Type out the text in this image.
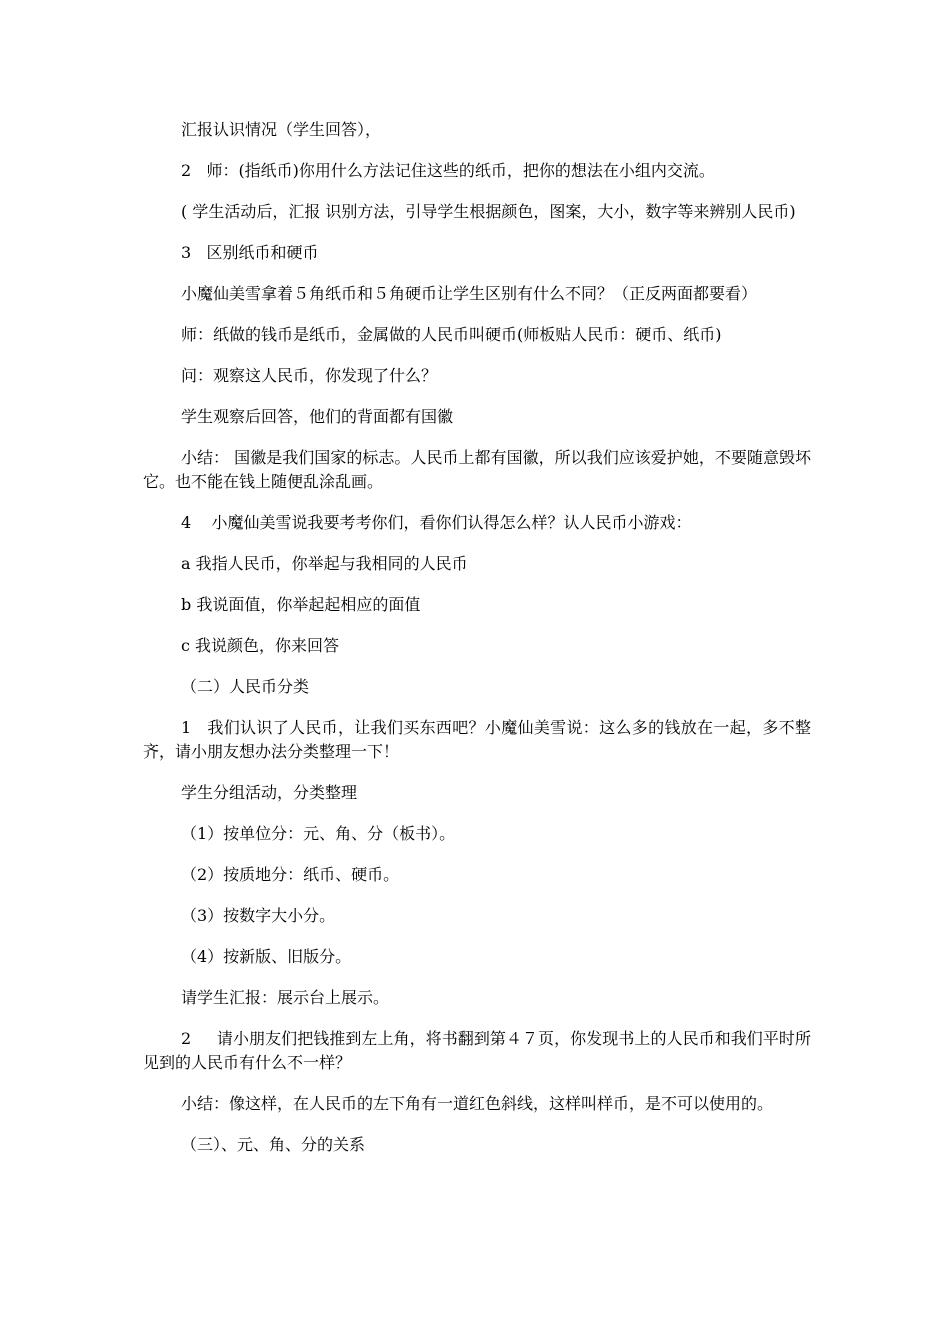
汇报认识情况（学生回答），

2   师：(指纸币)你用什么方法记住这些的纸币，把你的想法在小组内交流。

( 学生活动后，汇报 识别方法，引导学生根据颜色，图案，大小，数字等来辨别人民币)

3   区别纸币和硬币

小魔仙美雪拿着５角纸币和５角硬币让学生区别有什么不同？（正反两面都要看）

师：纸做的钱币是纸币，金属做的人民币叫硬币(师板贴人民币：硬币、纸币)

问：观察这人民币，你发现了什么？

学生观察后回答，他们的背面都有国徽

小结： 国徽是我们国家的标志。人民币上都有国徽，所以我们应该爱护她，不要随意毁坏它。也不能在钱上随便乱涂乱画。

4    小魔仙美雪说我要考考你们，看你们认得怎么样？认人民币小游戏：

a 我指人民币，你举起与我相同的人民币

b 我说面值，你举起起相应的面值

c 我说颜色，你来回答

（二）人民币分类

1   我们认识了人民币，让我们买东西吧？小魔仙美雪说：这么多的钱放在一起，多不整齐，请小朋友想办法分类整理一下！

学生分组活动，分类整理

（1）按单位分：元、角、分（板书）。

（2）按质地分：纸币、硬币。

（3）按数字大小分。

（4）按新版、旧版分。

请学生汇报：展示台上展示。

2     请小朋友们把钱推到左上角，将书翻到第４７页，你发现书上的人民币和我们平时所见到的人民币有什么不一样？

小结：像这样，在人民币的左下角有一道红色斜线，这样叫样币，是不可以使用的。

（三）、元、角、分的关系
